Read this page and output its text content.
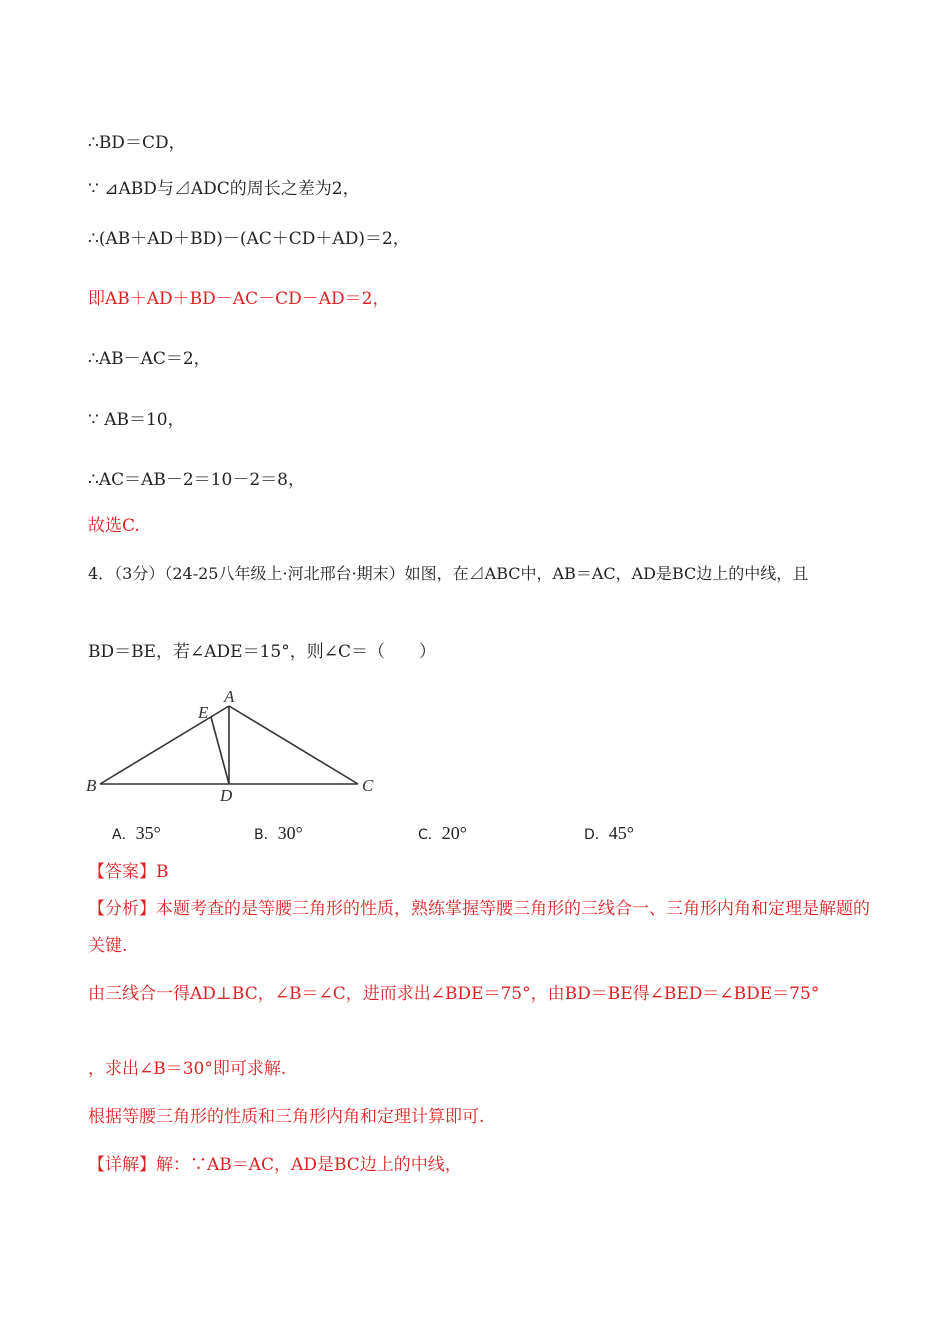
∴BD＝CD，
∵ ⊿ABD与⊿ADC的周长之差为2，
∴(AB＋AD＋BD)－(AC＋CD＋AD)＝2，
即AB＋AD＋BD－AC－CD－AD＝2，
∴AB－AC＝2，
∵ AB＝10，
∴AC＝AB－2＝10－2＝8，
故选C.
4．（3分）（24-25八年级上·河北邢台·期末）如图，在⊿ABC中，AB＝AC，AD是BC边上的中线，且
BD＝BE，若∠ADE＝15°，则∠C＝（　　）
A
E
B	C
D
A．35°	B．30°	C．20°	D．45°
【答案】B
【分析】本题考查的是等腰三角形的性质，熟练掌握等腰三角形的三线合一、三角形内角和定理是解题的
关键.
由三线合一得AD⊥BC，∠B＝∠C，进而求出∠BDE＝75°，由BD＝BE得∠BED＝∠BDE＝75°
，求出∠B＝30°即可求解.
根据等腰三角形的性质和三角形内角和定理计算即可.
【详解】解：∵AB＝AC，AD是BC边上的中线，
